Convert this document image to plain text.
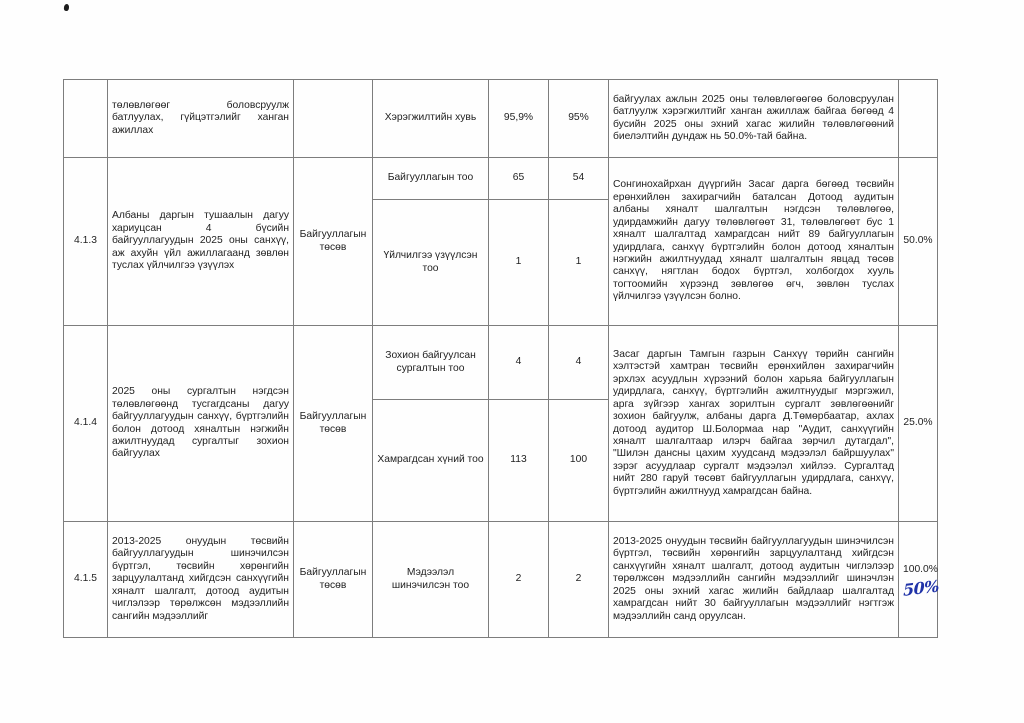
	төлөвлөгөөг боловсруулж батлуулах, гүйцэтгэлийг ханган ажиллах		Хэрэгжилтийн хувь	95,9%	95%	байгуулах ажлын 2025 оны төлөвлөгөөгөө боловсруулан батлуулж хэрэгжилтийг ханган ажиллаж байгаа бөгөөд 4 бусийн 2025 оны эхний хагас жилийн төлөвлөгөөний биелэлтийн дундаж нь 50.0%-тай байна.	
4.1.3	Албаны даргын тушаалын дагуу хариуцсан 4 бүсийн байгууллагуудын 2025 оны санхүү, аж ахуйн үйл ажиллагаанд зөвлөн туслах үйлчилгээ үзүүлэх	Байгууллагын төсөв	Байгууллагын тоо	65	54	Сонгинохайрхан дүүргийн Засаг дарга бөгөөд төсвийн ерөнхийлөн захирагчийн баталсан Дотоод аудитын албаны хяналт шалгалтын нэгдсэн төлөвлөгөө, удирдамжийн дагуу төлөвлөгөөт 31, төлөвлөгөөт бус 1 хяналт шалгалтад хамрагдсан нийт 89 байгууллагын удирдлага, санхүү бүртгэлийн болон дотоод хяналтын нэгжийн ажилтнуудад хяналт шалгалтын явцад төсөв санхүү, нягтлан бодох бүртгэл, холбогдох хууль тогтоомийн хүрээнд зөвлөгөө өгч, зөвлөн туслах үйлчилгээ үзүүлсэн болно.	50.0%
			Үйлчилгээ үзүүлсэн тоо	1	1		
4.1.4	2025 оны сургалтын нэгдсэн төлөвлөгөөнд тусгагдсаны дагуу байгууллагуудын санхүү, бүртгэлийн болон дотоод хяналтын нэгжийн ажилтнуудад сургалтыг зохион байгуулах	Байгууллагын төсөв	Зохион байгуулсан сургалтын тоо	4	4	Засаг даргын Тамгын газрын Санхүү төрийн сангийн хэлтэстэй хамтран төсвийн ерөнхийлөн захирагчийн эрхлэх асуудлын хүрээний болон харьяа байгууллагын удирдлага, санхүү, бүртгэлийн ажилтнуудыг мэргэжил, арга зүйгээр хангах зорилтын сургалт зөвлөгөөнийг зохион байгуулж, албаны дарга Д.Төмөрбаатар, ахлах дотоод аудитор Ш.Болормаа нар "Аудит, санхүүгийн хяналт шалгалтаар илэрч байгаа зөрчил дутагдал", "Шилэн дансны цахим хуудсанд мэдээлэл байршуулах" зэрэг асуудлаар сургалт мэдээлэл хийлээ. Сургалтад нийт 280 гаруй төсөвт байгууллагын удирдлага, санхүү, бүртгэлийн ажилтнууд хамрагдсан байна.	25.0%
			Хамрагдсан хүний тоо	113	100		
4.1.5	2013-2025 онуудын төсвийн байгууллагуудын шинэчилсэн бүртгэл, төсвийн хөрөнгийн зарцуулалтанд хийгдсэн санхүүгийн хяналт шалгалт, дотоод аудитын чиглэлээр төрөлжсөн мэдээллийн сангийн мэдээллийг	Байгууллагын төсөв	Мэдээлэл шинэчилсэн тоо	2	2	2013-2025 онуудын төсвийн байгууллагуудын шинэчилсэн бүртгэл, төсвийн хөрөнгийн зарцуулалтанд хийгдсэн санхүүгийн хяналт шалгалт, дотоод аудитын чиглэлээр төрөлжсөн мэдээллийн сангийн мэдээллийг шинэчлэн 2025 оны эхний хагас жилийн байдлаар шалгалтад хамрагдсан нийт 30 байгууллагын мэдээллийг нэгтгэж мэдээллийн санд оруулсан.	100.0%
50%
